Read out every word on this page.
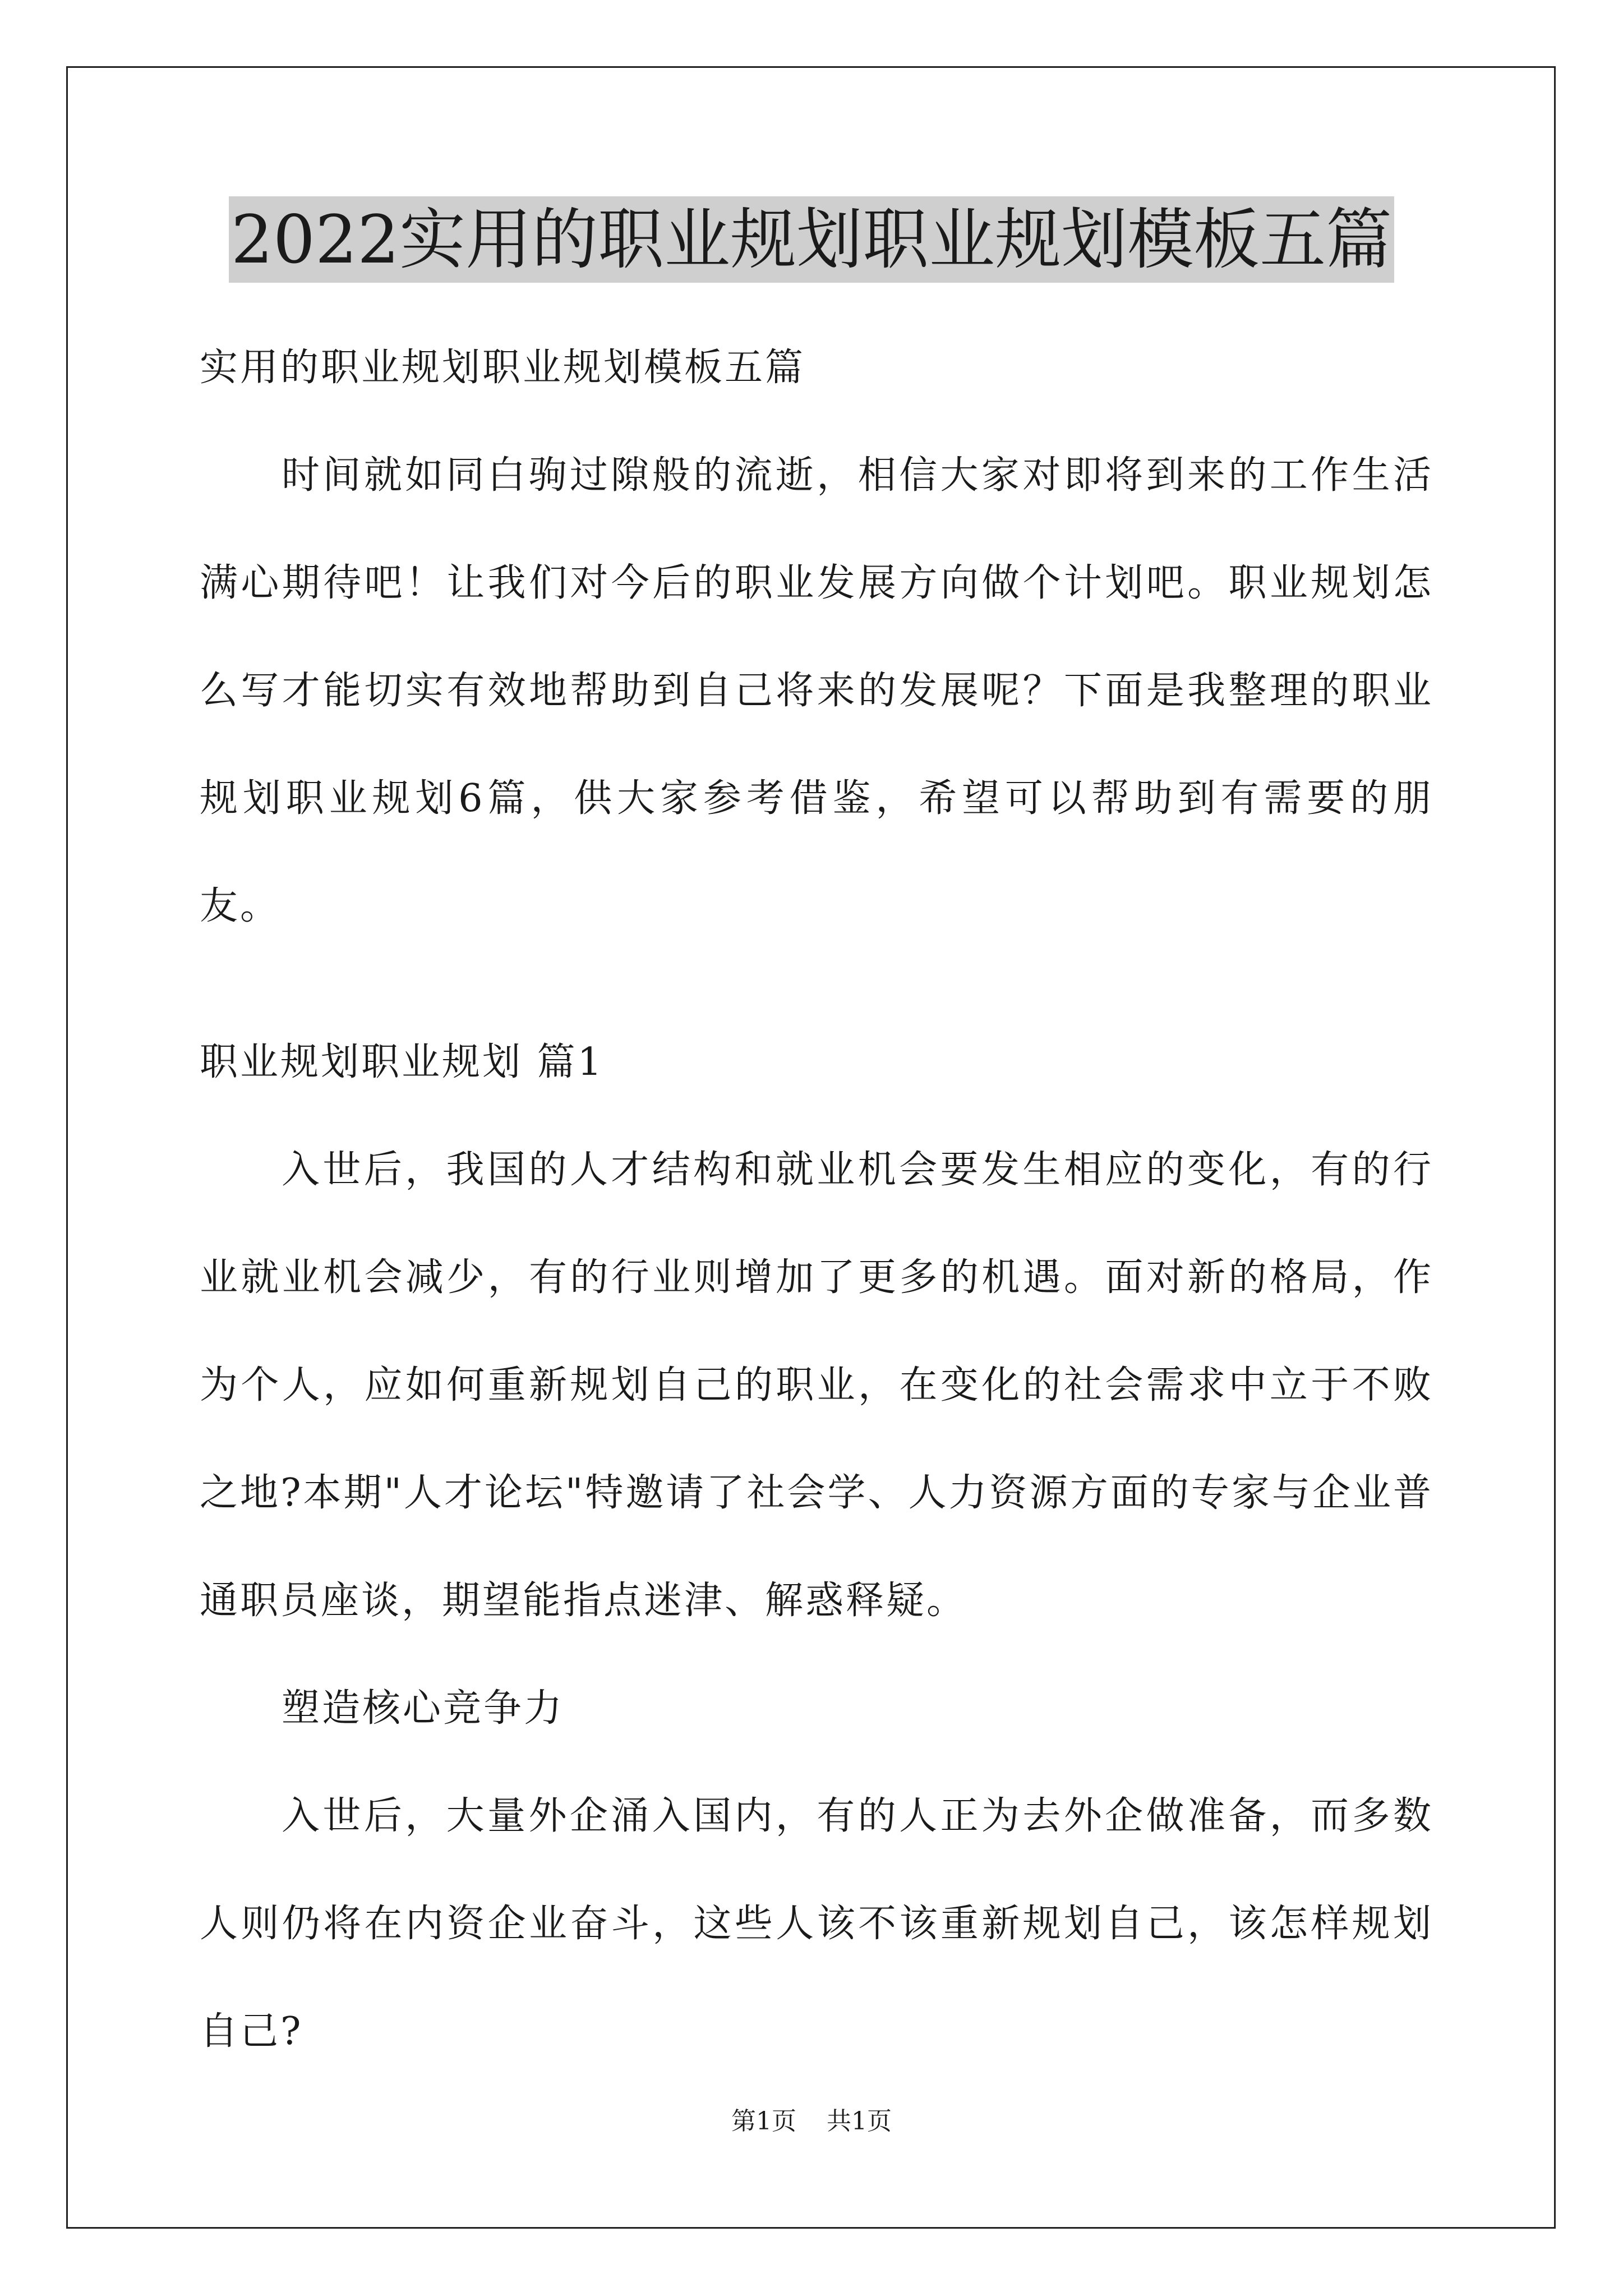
2022实用的职业规划职业规划模板五篇

实用的职业规划职业规划模板五篇

时间就如同白驹过隙般的流逝，相信大家对即将到来的工作生活满心期待吧！让我们对今后的职业发展方向做个计划吧。职业规划怎么写才能切实有效地帮助到自己将来的发展呢？下面是我整理的职业规划职业规划6篇，供大家参考借鉴，希望可以帮助到有需要的朋友。

职业规划职业规划 篇1

入世后，我国的人才结构和就业机会要发生相应的变化，有的行业就业机会减少，有的行业则增加了更多的机遇。面对新的格局，作为个人，应如何重新规划自己的职业，在变化的社会需求中立于不败之地?本期"人才论坛"特邀请了社会学、人力资源方面的专家与企业普通职员座谈，期望能指点迷津、解惑释疑。

塑造核心竞争力

入世后，大量外企涌入国内，有的人正为去外企做准备，而多数人则仍将在内资企业奋斗，这些人该不该重新规划自己，该怎样规划自己?

第1页 共1页
